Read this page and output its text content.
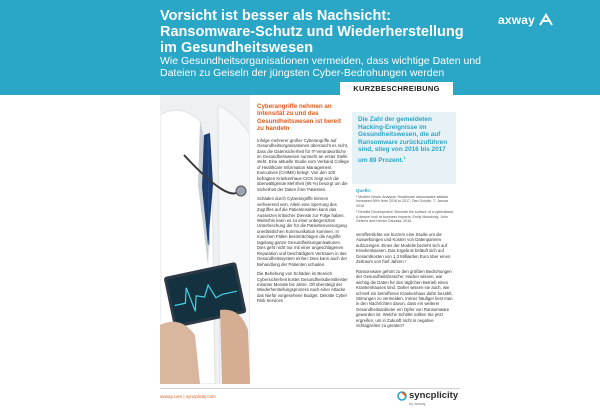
Vorsicht ist besser als Nachsicht: Ransomware-Schutz und Wiederherstellung im Gesundheitswesen
Wie Gesundheitsorganisationen vermeiden, dass wichtige Daten und Dateien zu Geiseln der jüngsten Cyber-Bedrohungen werden
axway
KURZBESCHREIBUNG
Cyberangriffe nehmen an Intensität zu und das Gesundheitswesen ist bereit zu handeln

Infolge mehrerer großer Cyberangriffe auf Gesundheitsorganisationen überrascht es nicht, dass die Datensicherheit für IT-Verantwortliche im Gesundheitswesen nunmehr an erster Stelle steht. Eine aktuelle Studie vom Verband College of Healthcare Information Management Executives (CHIME) belegt: Von den 100 befragten Krankenhaus-CIOs zeigt sich die überwältigende Mehrheit (95 %) besorgt um die Sicherheit der Daten ihrer Patienten.

Schäden durch Cyberangriffe können verheerend sein. Allein eine Sperrung des Zugriffes auf die Patientenakten kann das Aussetzen kritischer Dienste zur Folge haben. Weiterhin kann es zu einer unbegrenzten Unterbrechung der für die Patientenversorgung unerlässlichen Kommunikation kommen. In manchen Fällen beeinträchtigen die Angriffe tagelang ganze Gesundheitsorganisationen. Dies geht nicht nur mit einer angeschlagenen Reputation und beschädigtem Vertrauen in das Gesundheitssystem einher. Dies kann auch der Behandlung der Patienten schaden.

Die Behebung von Schäden im Bereich Cybersicherheit kostet Gesundheitsdienstleister mitunter Monate bis Jahre. Oft übersteigt der Wiederherstellungsprozess nach einer Attacke das Niefür vorgesehene Budget. Deloitte Cyber Risk Services

Die Zahl der gemeldeten Hacking-Ereignisse im Gesundheitswesen, die auf Ransomware zurückzuführen sind, stieg von 2016 bis 2017 um 89 Prozent.$^1$
Quelle:
¹ McAfee News: Analysis: Healthcare ransomware attacks increased 89% from 2016 to 2017, Dan Goodin, 7. Januar 2018
² Deloitte Development: Beneath the surface of a cyberattack: A deeper look at business impacts, Emily Mossburg, John Gelinne and Hector Calzada, 2016.

veröffentlichte vor kurzem eine Studie um die Auswirkungen und Kosten von Datenpannen aufzuzeigen. Eines der Modelle bezieht sich auf Krankenkassen. Das Ergebnis beläuft sich auf Gesamtkosten von 1,3 Milliarden Euro über einen Zeitraum von fünf Jahren.²

Ransomware gehört zu den größten Bedrohungen der Gesundheitsbranche: Hacker wissen, wie wichtig die Daten für den täglichen Betrieb eines Krankenhauses sind. Daher wissen sie auch, wie schnell ein betroffenes Krankenhaus dafür bezahlt, Störungen zu vermeiden. Immer häufiger liest man in den Nachrichten davon, dass ein weiterer Gesundheitsanbieter ein Opfer von Ransomware geworden ist. Welche Schritte sollten Sie jetzt ergreifen, um in Zukunft nicht in negative Schlagzeilen zu geraten?

axway.com | syncplicity.com	syncplicity
by axway
